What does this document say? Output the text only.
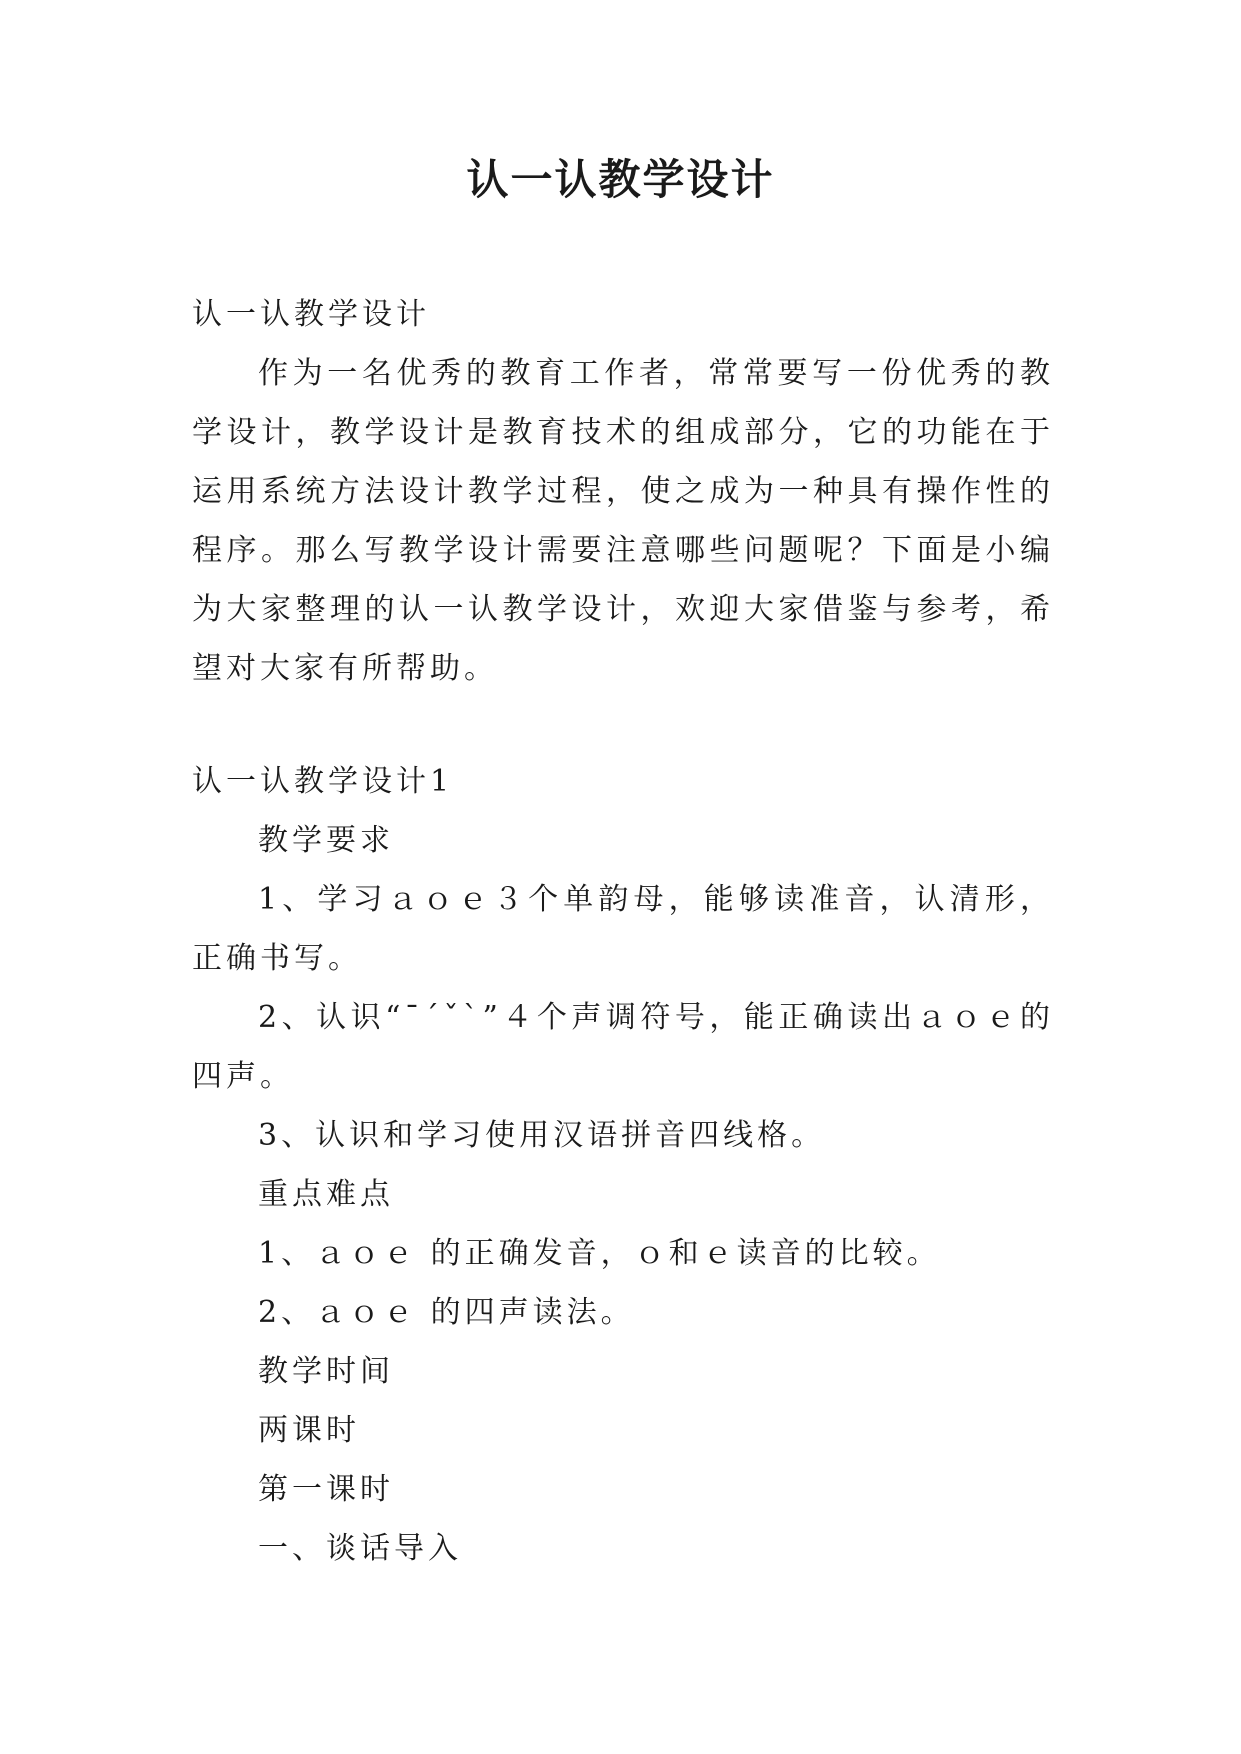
认一认教学设计

认一认教学设计

作为一名优秀的教育工作者，常常要写一份优秀的教学设计，教学设计是教育技术的组成部分，它的功能在于运用系统方法设计教学过程，使之成为一种具有操作性的程序。那么写教学设计需要注意哪些问题呢？下面是小编为大家整理的认一认教学设计，欢迎大家借鉴与参考，希望对大家有所帮助。

认一认教学设计1

教学要求

1、学习ａｏｅ３个单韵母，能够读准音，认清形，正确书写。

2、认识“ˉˊˇˋ”４个声调符号，能正确读出ａｏｅ的四声。

3、认识和学习使用汉语拼音四线格。

重点难点

1、ａｏｅ 的正确发音，ｏ和ｅ读音的比较。

2、ａｏｅ 的四声读法。

教学时间

两课时

第一课时

一、谈话导入
